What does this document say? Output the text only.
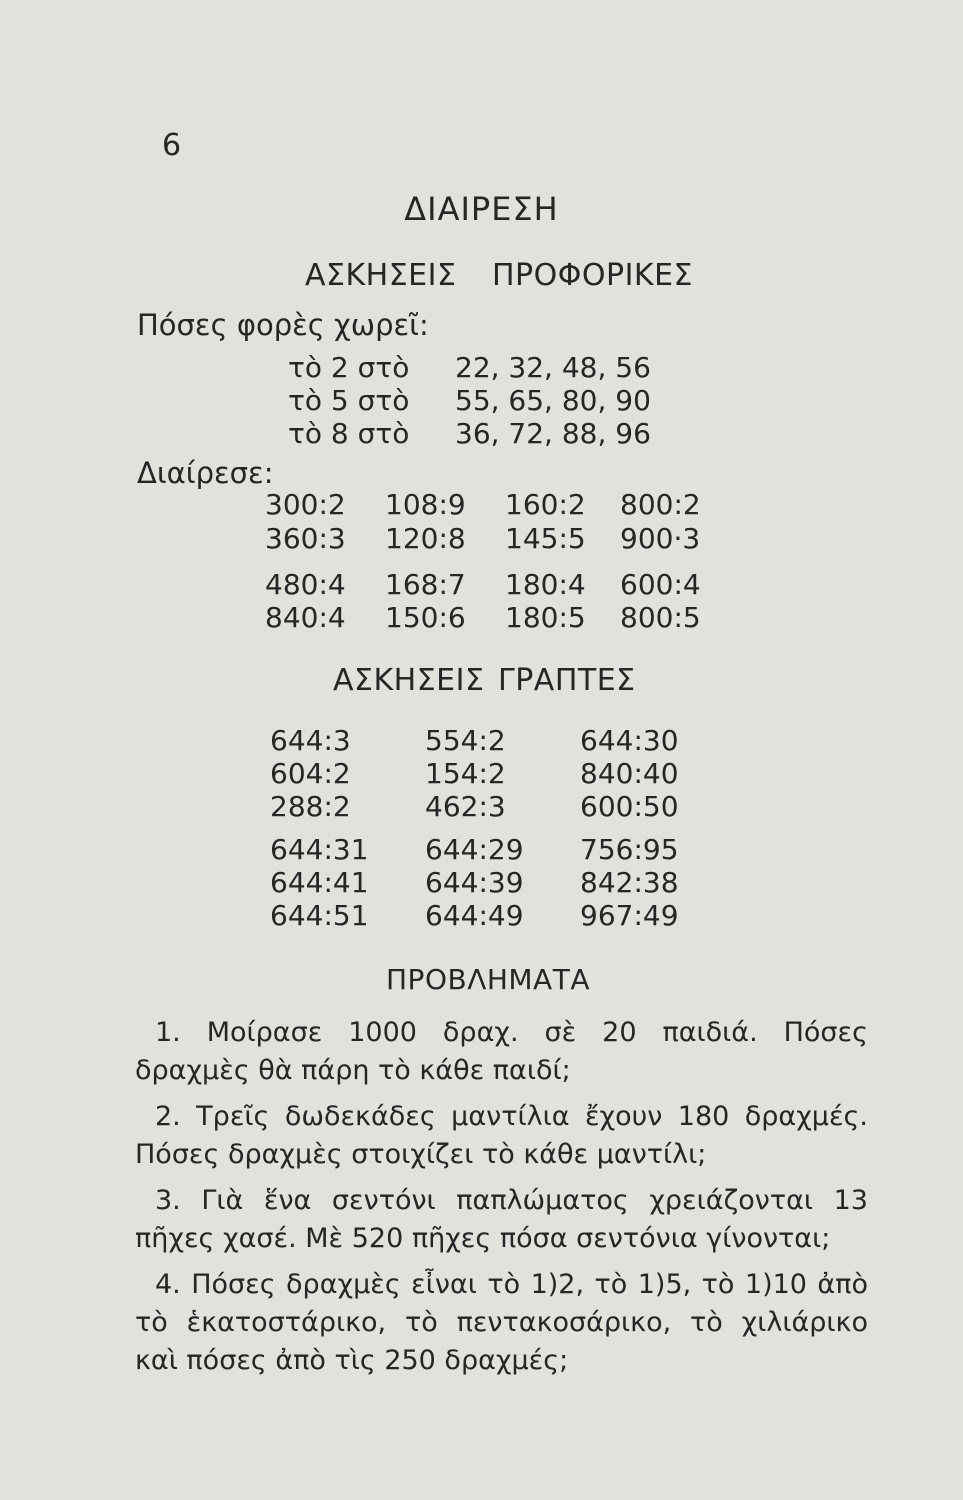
6
ΔΙΑΙΡΕΣΗ
ΑΣΚΗΣΕΙΣ ΠΡΟΦΟΡΙΚΕΣ
Πόσες φορὲς χωρεῖ:
τὸ 2 στὸ 22, 32, 48, 56
τὸ 5 στὸ 55, 65, 80, 90
τὸ 8 στὸ 36, 72, 88, 96
Διαίρεσε:
300:2 108:9 160:2 800:2
360:3 120:8 145:5 900·3
480:4 168:7 180:4 600:4
840:4 150:6 180:5 800:5
ΑΣΚΗΣΕΙΣ ΓΡΑΠΤΕΣ
644:3	554:2	644:30
604:2	154:2	840:40
288:2	462:3	600:50
644:31 644:29 756:95
644:41 644:39 842:38
644:51 644:49 967:49
ΠΡΟΒΛΗΜΑΤΑ

1. Μοίρασε 1000 δραχ. σὲ 20 παιδιά. Πόσες δραχμὲς θὰ πάρη τὸ κάθε παιδί;

2. Τρεῖς δωδεκάδες μαντίλια ἔχουν 180 δραχμές. Πόσες δραχμὲς στοιχίζει τὸ κάθε μαντίλι;

3. Γιὰ ἕνα σεντόνι παπλώματος χρειάζονται 13 πῆχες χασέ. Μὲ 520 πῆχες πόσα σεντόνια γίνονται;

4. Πόσες δραχμὲς εἶναι τὸ 1)2, τὸ 1)5, τὸ 1)10 ἀπὸ τὸ ἑκατοστάρικο, τὸ πεντακοσάρικο, τὸ χιλιάρικο καὶ πόσες ἀπὸ τὶς 250 δραχμές;
